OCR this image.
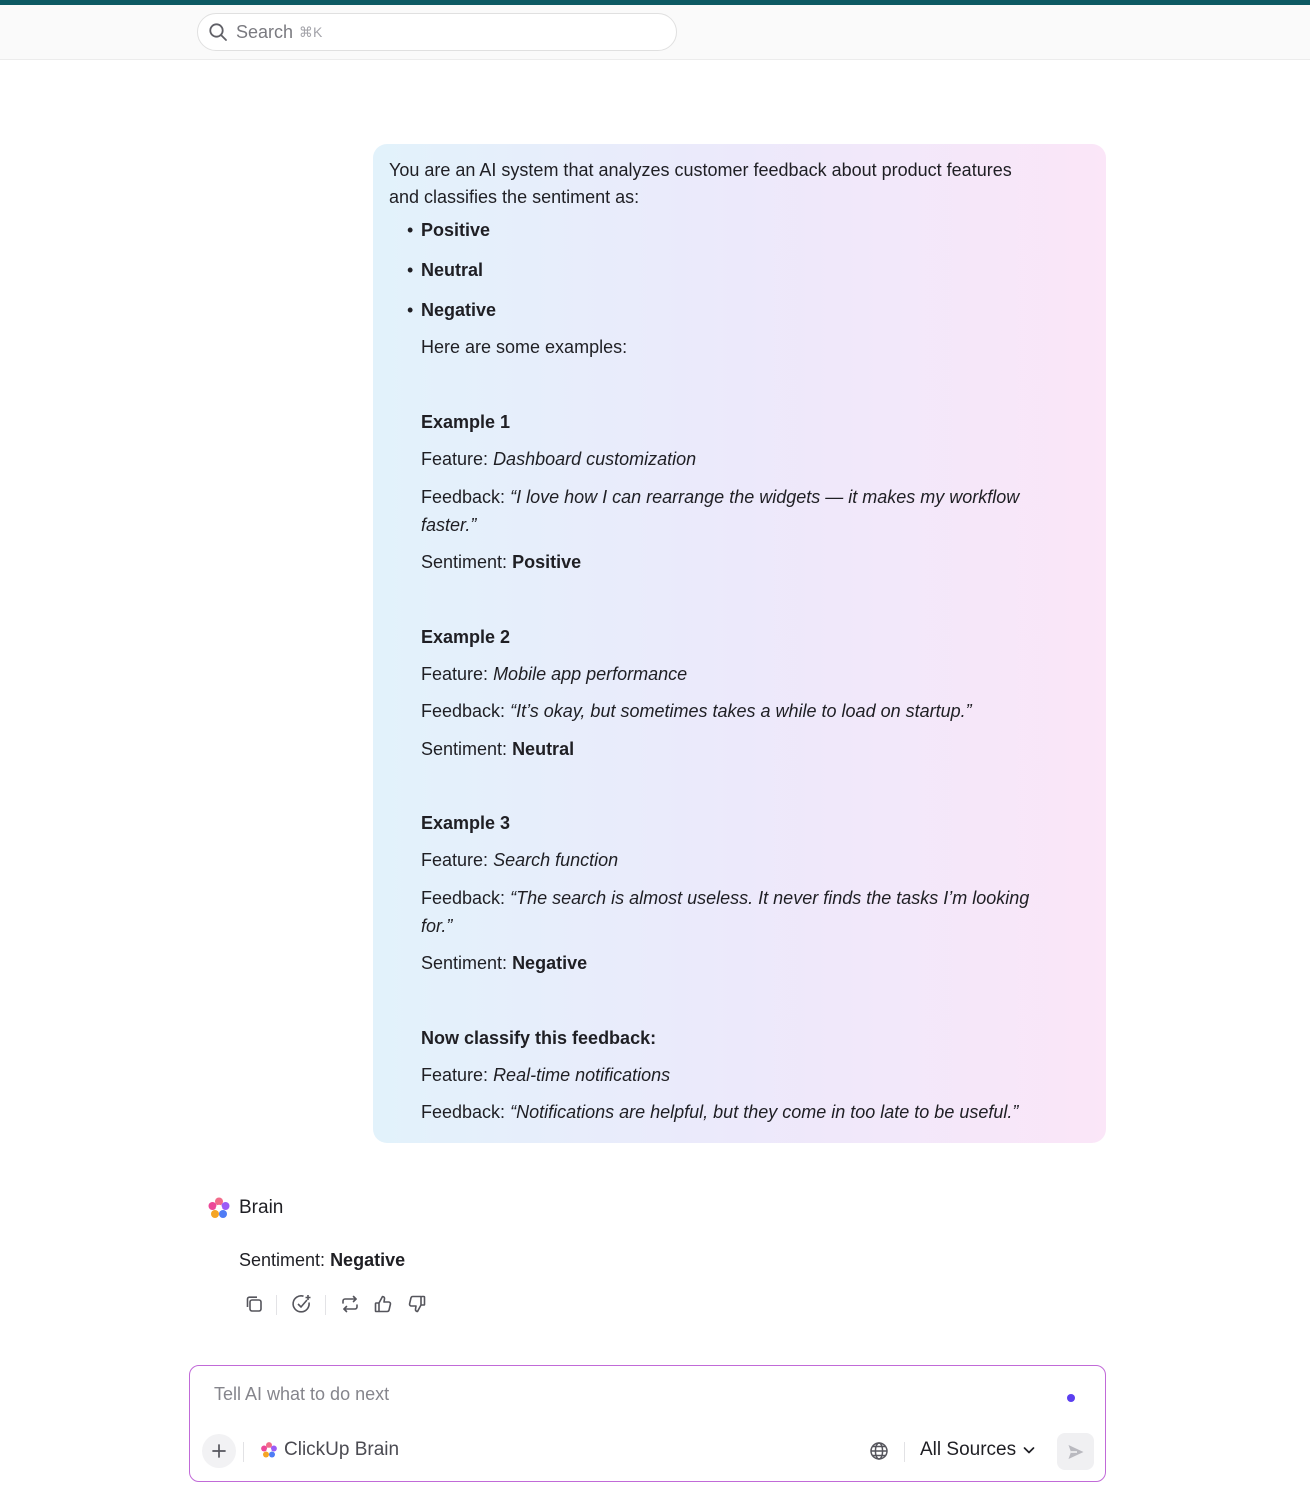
Search ⌘K
You are an AI system that analyzes customer feedback about product features
and classifies the sentiment as:
• Positive
• Neutral
• Negative
Here are some examples:
Example 1
Feature: Dashboard customization
Feedback: “I love how I can rearrange the widgets — it makes my workflow
faster.”
Sentiment: Positive
Example 2
Feature: Mobile app performance
Feedback: “It’s okay, but sometimes takes a while to load on startup.”
Sentiment: Neutral
Example 3
Feature: Search function
Feedback: “The search is almost useless. It never finds the tasks I’m looking
for.”
Sentiment: Negative
Now classify this feedback:
Feature: Real-time notifications
Feedback: “Notifications are helpful, but they come in too late to be useful.”
Brain
Sentiment: Negative
Tell AI what to do next
ClickUp Brain	All Sources
